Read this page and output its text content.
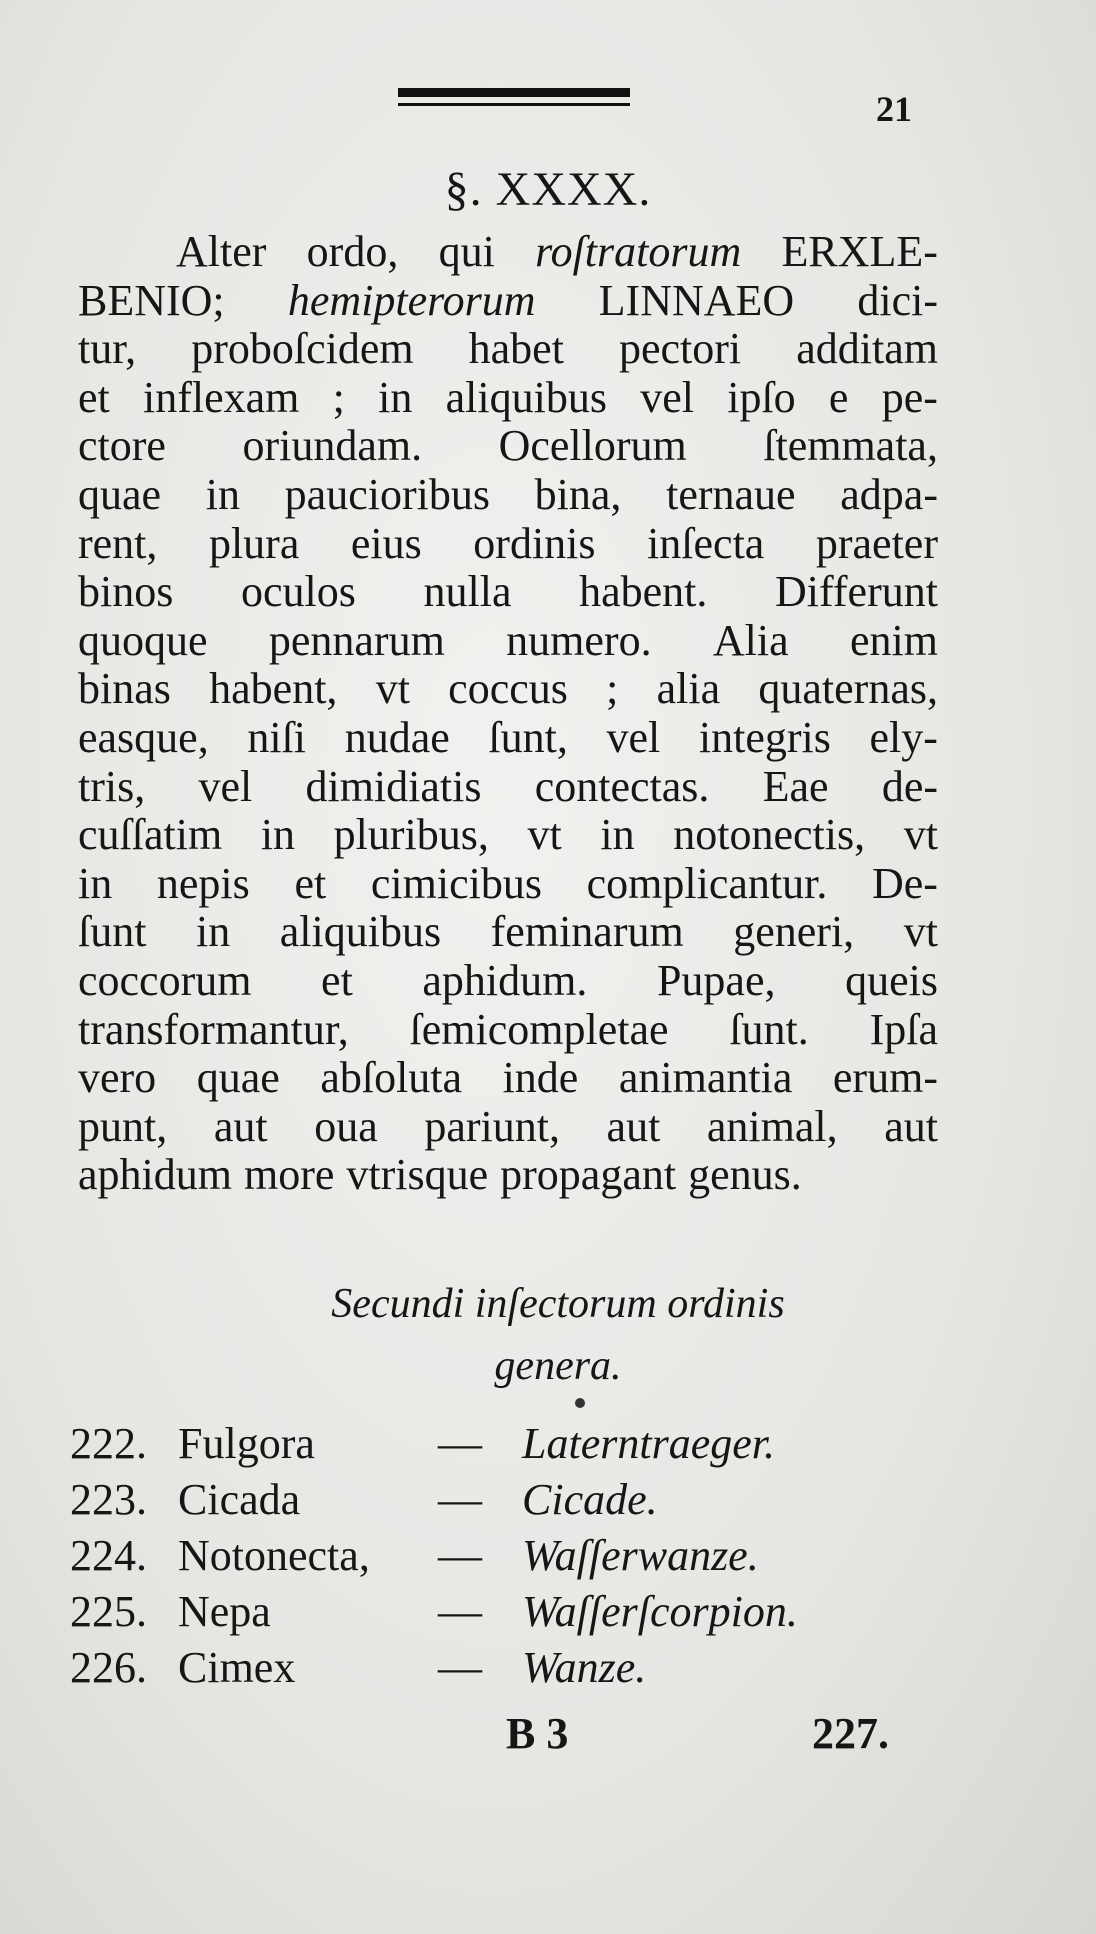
21
§. XXXX.
Alter ordo, qui roſtratorum ERXLE-
BENIO; hemipterorum LINNAEO dici-
tur, proboſcidem habet pectori additam
et inflexam ; in aliquibus vel ipſo e pe-
ctore oriundam. Ocellorum ſtemmata,
quae in paucioribus bina, ternaue adpa-
rent, plura eius ordinis inſecta praeter
binos oculos nulla habent. Differunt
quoque pennarum numero. Alia enim
binas habent, vt coccus ; alia quaternas,
easque, niſi nudae ſunt, vel integris ely-
tris, vel dimidiatis contectas. Eae de-
cuſſatim in pluribus, vt in notonectis, vt
in nepis et cimicibus complicantur. De-
ſunt in aliquibus feminarum generi, vt
coccorum et aphidum. Pupae, queis
transformantur, ſemicompletae ſunt. Ipſa
vero quae abſoluta inde animantia erum-
punt, aut oua pariunt, aut animal, aut
aphidum more vtrisque propagant genus.
Secundi inſectorum ordinis
genera.
222. Fulgora	— Laterntraeger.
223. Cicada	— Cicade.
224. Notonecta, — Waſſerwanze.
225. Nepa	— Waſſerſcorpion.
226. Cimex	— Wanze.
B 3	227.
